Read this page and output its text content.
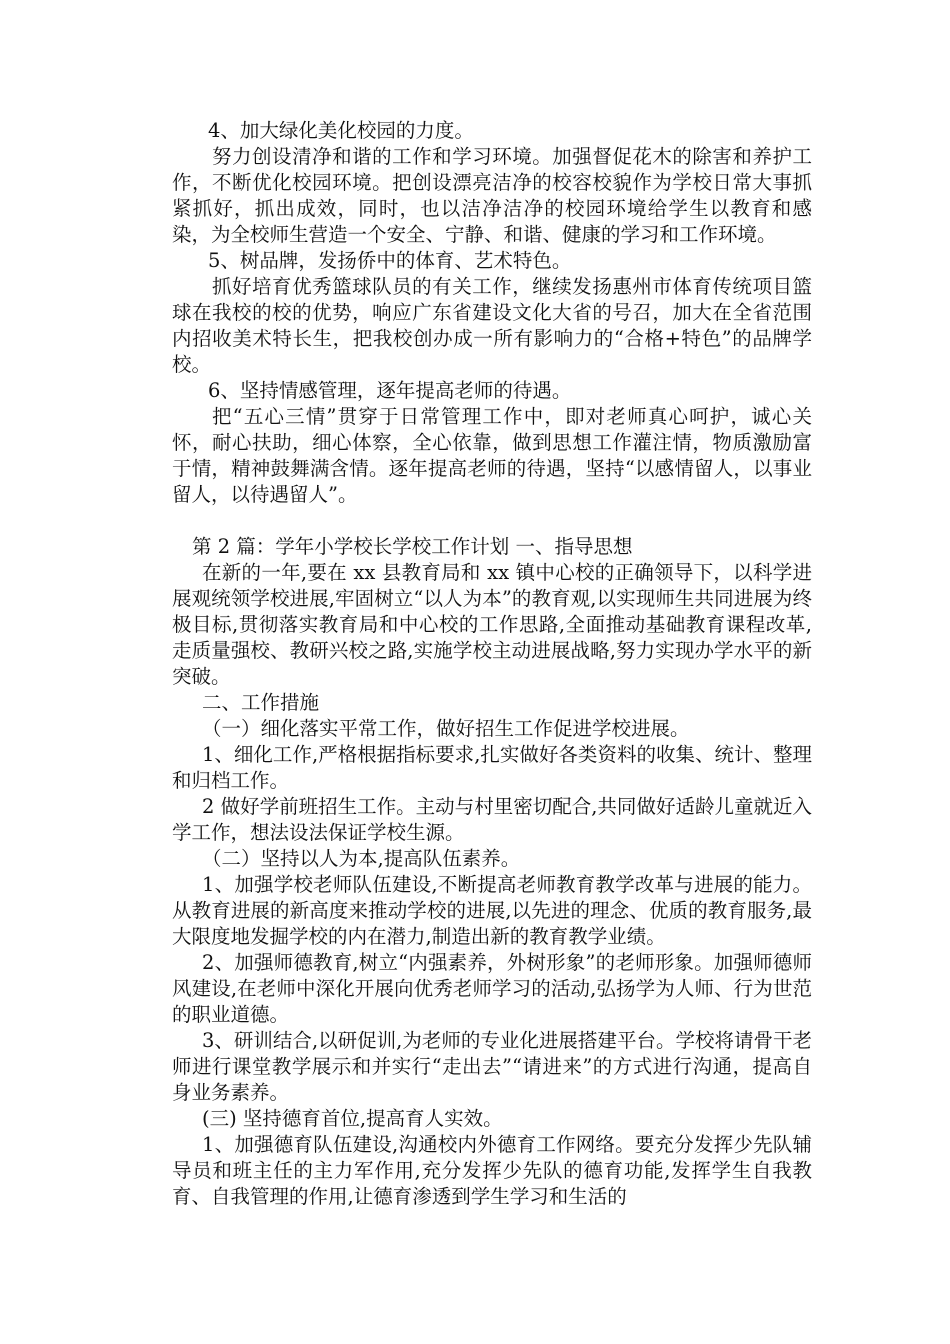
4、加大绿化美化校园的力度。

努力创设清净和谐的工作和学习环境。加强督促花木的除害和养护工作，不断优化校园环境。把创设漂亮洁净的校容校貌作为学校日常大事抓紧抓好，抓出成效，同时，也以洁净洁净的校园环境给学生以教育和感染，为全校师生营造一个安全、宁静、和谐、健康的学习和工作环境。

5、树品牌，发扬侨中的体育、艺术特色。

抓好培育优秀篮球队员的有关工作，继续发扬惠州市体育传统项目篮球在我校的校的优势，响应广东省建设文化大省的号召，加大在全省范围内招收美术特长生，把我校创办成一所有影响力的“合格+特色”的品牌学校。

6、坚持情感管理，逐年提高老师的待遇。

把“五心三情”贯穿于日常管理工作中，即对老师真心呵护，诚心关怀，耐心扶助，细心体察，全心依靠，做到思想工作灌注情，物质激励富于情，精神鼓舞满含情。逐年提高老师的待遇，坚持“以感情留人，以事业留人，以待遇留人”。

第 2 篇：学年小学校长学校工作计划 一、指导思想

在新的一年,要在 xx 县教育局和 xx 镇中心校的正确领导下，以科学进展观统领学校进展,牢固树立“以人为本”的教育观,以实现师生共同进展为终极目标,贯彻落实教育局和中心校的工作思路,全面推动基础教育课程改革,走质量强校、教研兴校之路,实施学校主动进展战略,努力实现办学水平的新突破。

二、工作措施

（一）细化落实平常工作，做好招生工作促进学校进展。

1、细化工作,严格根据指标要求,扎实做好各类资料的收集、统计、整理和归档工作。

2 做好学前班招生工作。主动与村里密切配合,共同做好适龄儿童就近入学工作，想法设法保证学校生源。

（二）坚持以人为本,提高队伍素养。

1、加强学校老师队伍建设,不断提高老师教育教学改革与进展的能力。从教育进展的新高度来推动学校的进展,以先进的理念、优质的教育服务,最大限度地发掘学校的内在潜力,制造出新的教育教学业绩。

2、加强师德教育,树立“内强素养，外树形象”的老师形象。加强师德师风建设,在老师中深化开展向优秀老师学习的活动,弘扬学为人师、行为世范的职业道德。

3、研训结合,以研促训,为老师的专业化进展搭建平台。学校将请骨干老师进行课堂教学展示和并实行“走出去”“请进来”的方式进行沟通，提高自身业务素养。

(三) 坚持德育首位,提高育人实效。

1、加强德育队伍建设,沟通校内外德育工作网络。要充分发挥少先队辅导员和班主任的主力军作用,充分发挥少先队的德育功能,发挥学生自我教育、自我管理的作用,让德育渗透到学生学习和生活的
